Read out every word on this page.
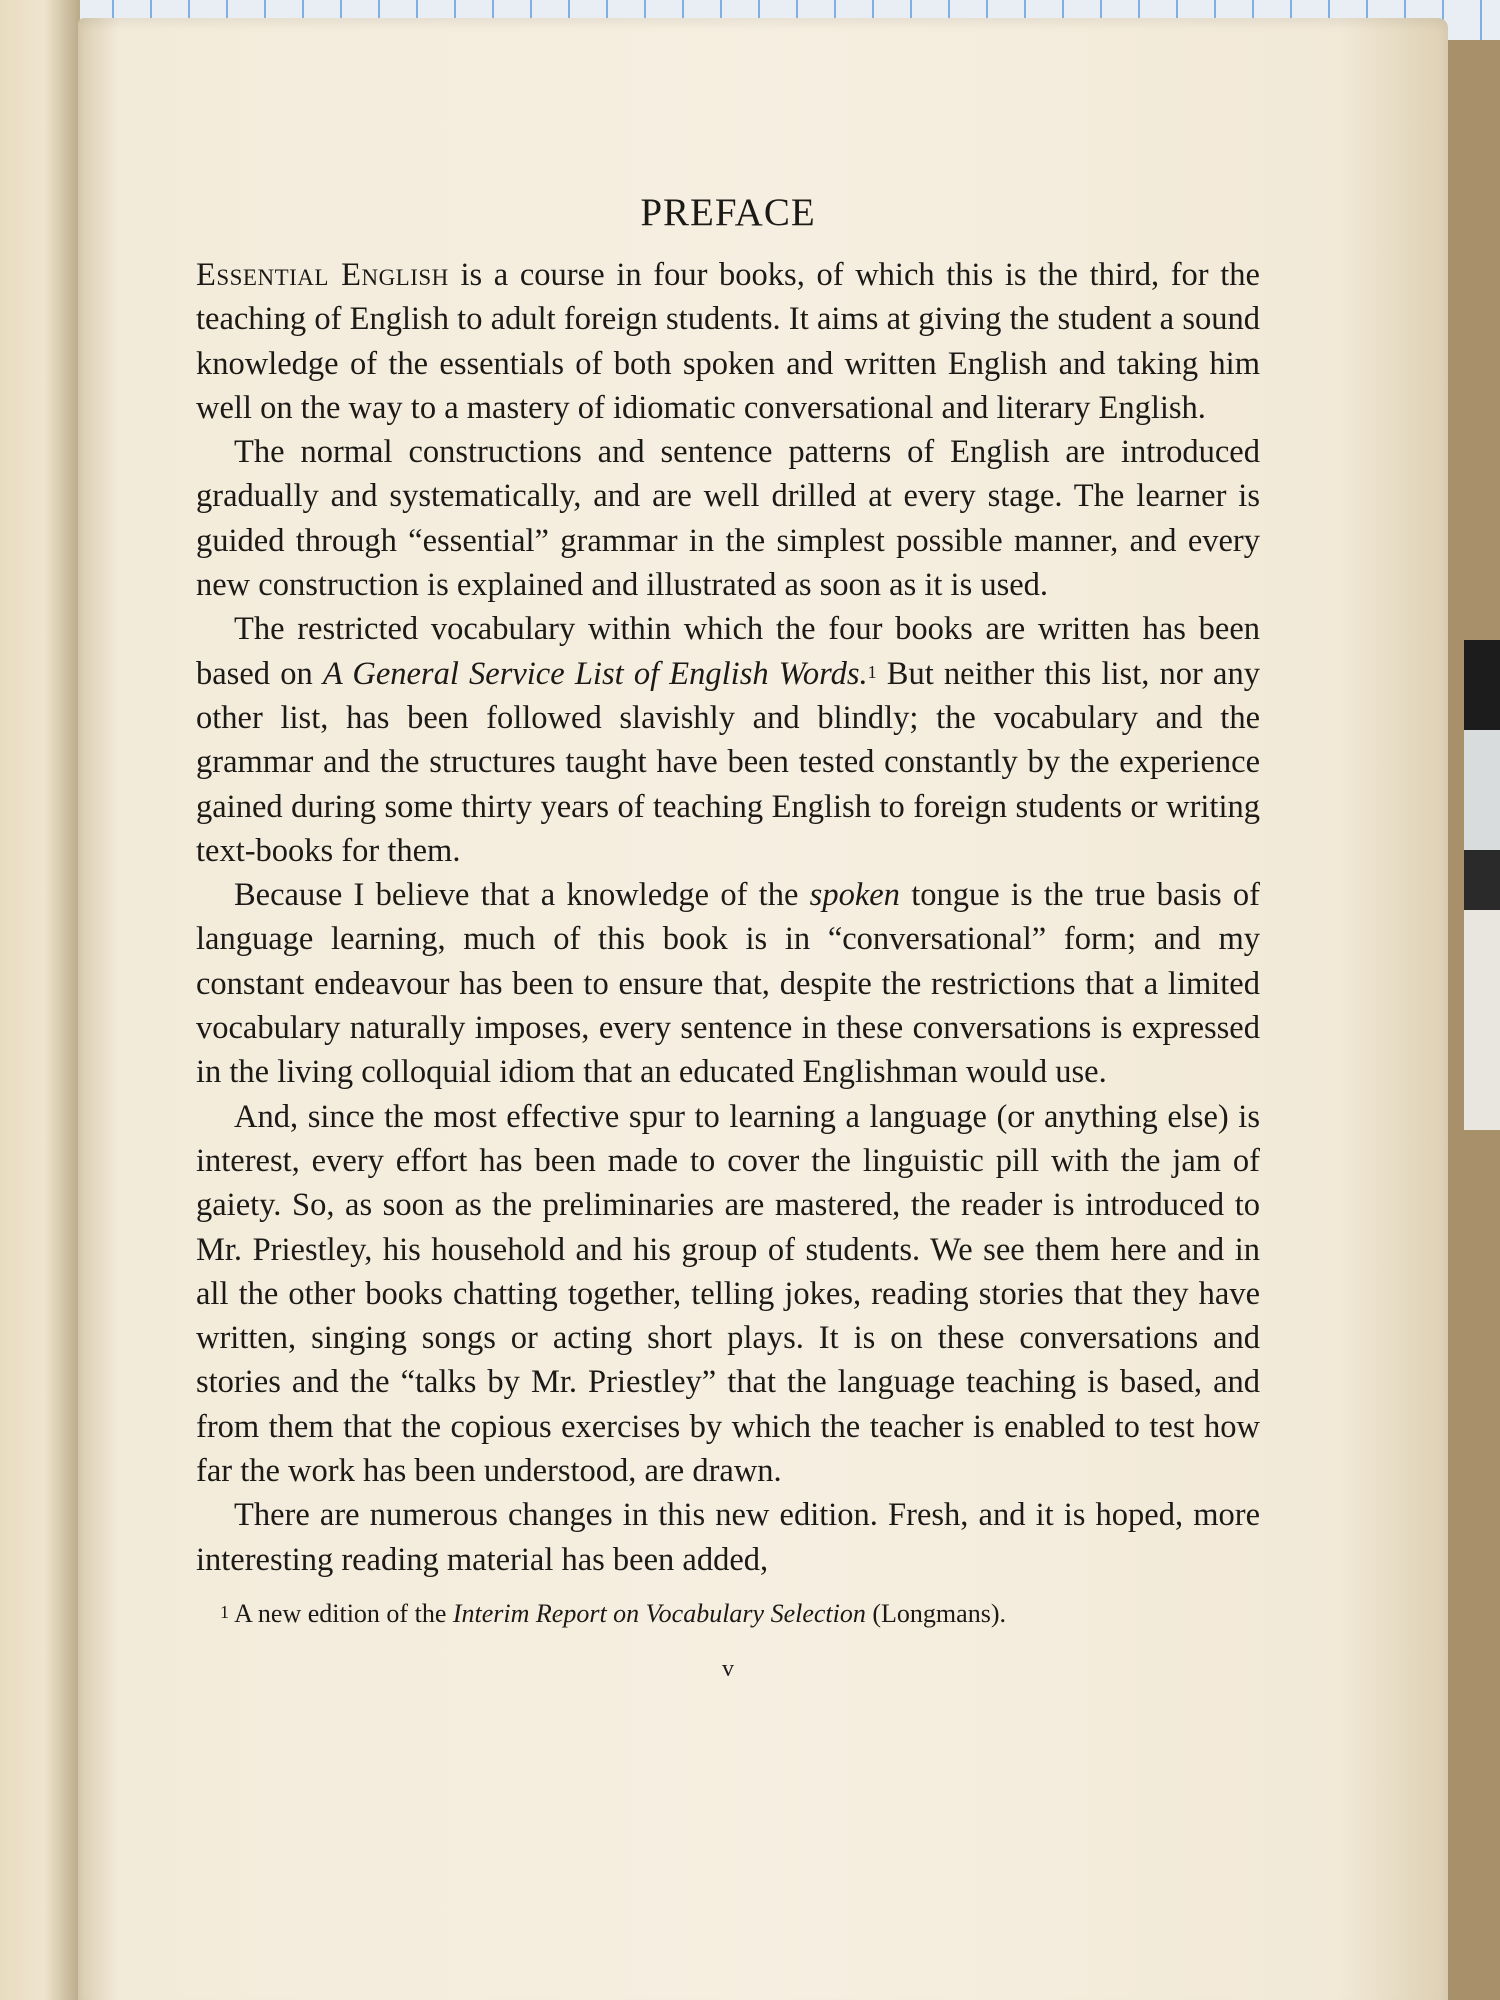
PREFACE

Essential English is a course in four books, of which this is the third, for the teaching of English to adult foreign students. It aims at giving the student a sound knowledge of the essentials of both spoken and written English and taking him well on the way to a mastery of idiomatic conversational and literary English.

The normal constructions and sentence patterns of English are introduced gradually and systematically, and are well drilled at every stage. The learner is guided through “essential” grammar in the simplest possible manner, and every new construction is explained and illustrated as soon as it is used.

The restricted vocabulary within which the four books are written has been based on A General Service List of English Words.$^1$ But neither this list, nor any other list, has been followed slavishly and blindly; the vocabulary and the grammar and the structures taught have been tested constantly by the experience gained during some thirty years of teaching English to foreign students or writing text-books for them.

Because I believe that a knowledge of the spoken tongue is the true basis of language learning, much of this book is in “conversational” form; and my constant endeavour has been to ensure that, despite the restrictions that a limited vocabulary naturally imposes, every sentence in these conversations is expressed in the living colloquial idiom that an educated Englishman would use.

And, since the most effective spur to learning a language (or anything else) is interest, every effort has been made to cover the linguistic pill with the jam of gaiety. So, as soon as the preliminaries are mastered, the reader is introduced to Mr. Priestley, his household and his group of students. We see them here and in all the other books chatting together, telling jokes, reading stories that they have written, singing songs or acting short plays. It is on these conversations and stories and the “talks by Mr. Priestley” that the language teaching is based, and from them that the copious exercises by which the teacher is enabled to test how far the work has been understood, are drawn.

There are numerous changes in this new edition. Fresh, and it is hoped, more interesting reading material has been added,

$^1$ A new edition of the Interim Report on Vocabulary Selection (Longmans).
v
